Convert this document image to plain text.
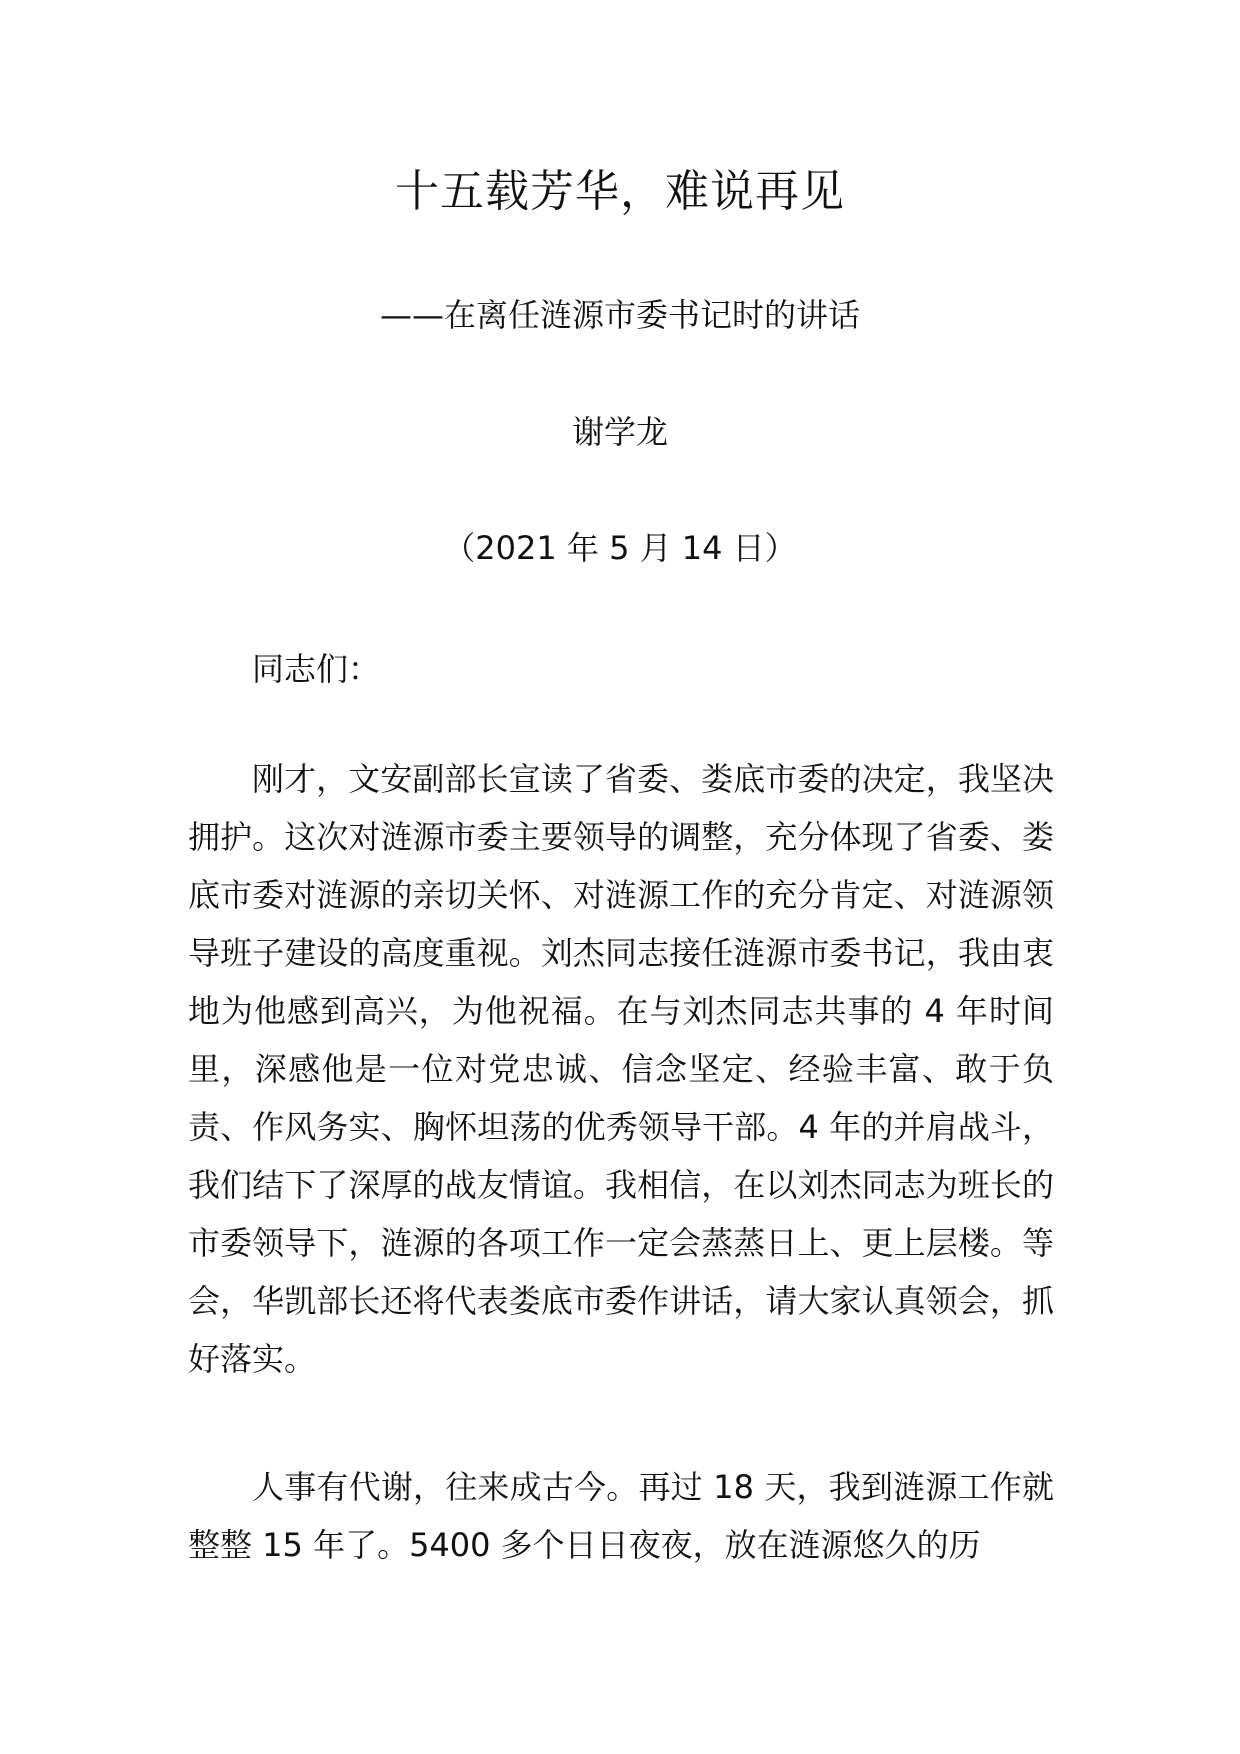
十五载芳华，难说再见
——在离任涟源市委书记时的讲话
谢学龙
（2021 年 5 月 14 日）

同志们：

刚才，文安副部长宣读了省委、娄底市委的决定，我坚决拥护。这次对涟源市委主要领导的调整，充分体现了省委、娄底市委对涟源的亲切关怀、对涟源工作的充分肯定、对涟源领导班子建设的高度重视。刘杰同志接任涟源市委书记，我由衷地为他感到高兴，为他祝福。在与刘杰同志共事的 4 年时间里，深感他是一位对党忠诚、信念坚定、经验丰富、敢于负责、作风务实、胸怀坦荡的优秀领导干部。4 年的并肩战斗，我们结下了深厚的战友情谊。我相信，在以刘杰同志为班长的市委领导下，涟源的各项工作一定会蒸蒸日上、更上层楼。等会，华凯部长还将代表娄底市委作讲话，请大家认真领会，抓好落实。

人事有代谢，往来成古今。再过 18 天，我到涟源工作就整整 15 年了。5400 多个日日夜夜，放在涟源悠久的历
